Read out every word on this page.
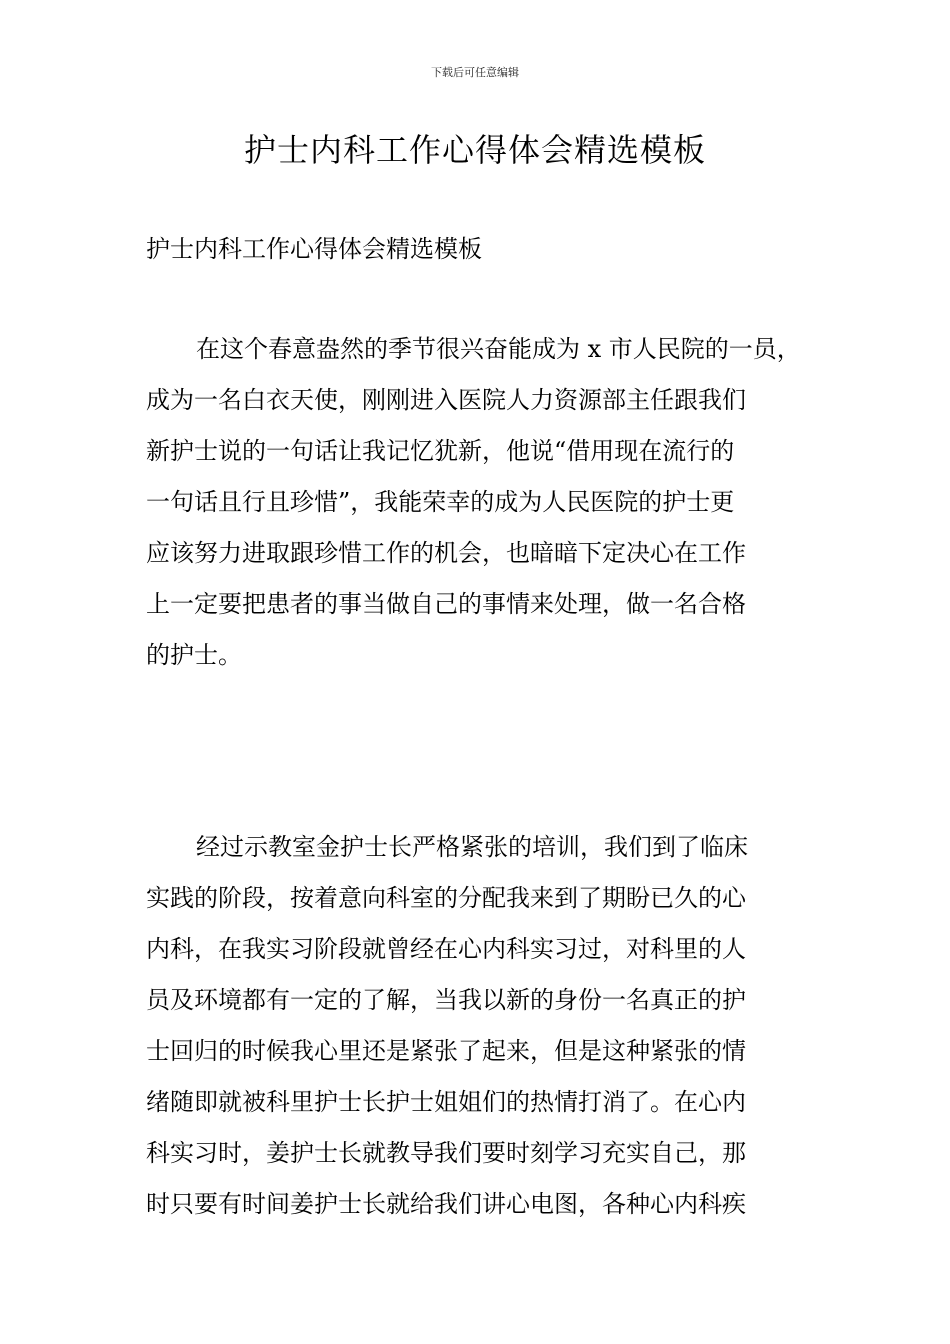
下载后可任意编辑
护士内科工作心得体会精选模板

护士内科工作心得体会精选模板

在这个春意盎然的季节很兴奋能成为 x 市人民院的一员，
成为一名白衣天使，刚刚进入医院人力资源部主任跟我们
新护士说的一句话让我记忆犹新，他说“借用现在流行的
一句话且行且珍惜”，我能荣幸的成为人民医院的护士更
应该努力进取跟珍惜工作的机会，也暗暗下定决心在工作
上一定要把患者的事当做自己的事情来处理，做一名合格
的护士。
经过示教室金护士长严格紧张的培训，我们到了临床
实践的阶段，按着意向科室的分配我来到了期盼已久的心
内科，在我实习阶段就曾经在心内科实习过，对科里的人
员及环境都有一定的了解，当我以新的身份一名真正的护
士回归的时候我心里还是紧张了起来，但是这种紧张的情
绪随即就被科里护士长护士姐姐们的热情打消了。在心内
科实习时，姜护士长就教导我们要时刻学习充实自己，那
时只要有时间姜护士长就给我们讲心电图，各种心内科疾
